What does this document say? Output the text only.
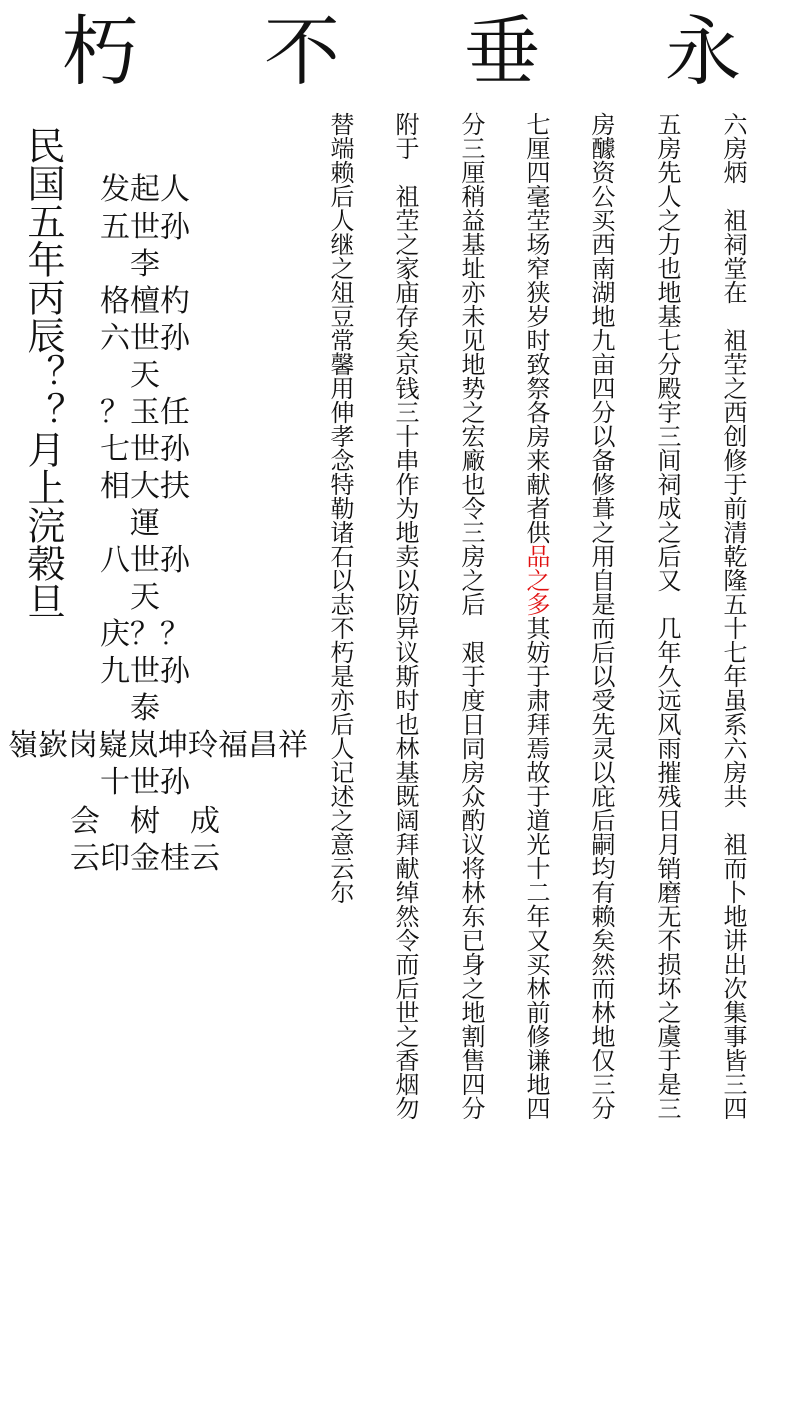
永
垂
不
朽
六房炳　祖祠堂在　祖茔之西创修于前清乾隆五十七年虽系六房共　祖而卜地讲出次集事皆三四
五房先人之力也地基七分殿宇三间祠成之后又　几年久远风雨摧残日月销磨无不损坏之虞于是三
房醵资公买西南湖地九亩四分以备修葺之用自是而后以受先灵以庇后嗣均有赖矣然而林地仅三分
七厘四毫茔场窄狭岁时致祭各房来献者供品之多其妨于肃拜焉故于道光十二年又买林前修谦地四
分三厘稍益基址亦未见地势之宏廠也令三房之后　艰于度日同房众酌议将林东已身之地割售四分
附于　祖茔之家庙存矣京钱三十串作为地卖以防异议斯时也林基既阔拜献绰然令而后世之香烟勿
替端赖后人继之俎豆常馨用伸孝念特勒诸石以志不朽是亦后人记述之意云尔
民国五年丙辰？？月上浣榖旦 发起人
五世孙
李
格檀杓
六世孙
天
？玉任
七世孙
相大扶
運
八世孙
天
庆？？
九世孙
泰
嶺嶔岗嶷岚坤玲福昌祥
十世孙
会　树　成
云印金桂云
